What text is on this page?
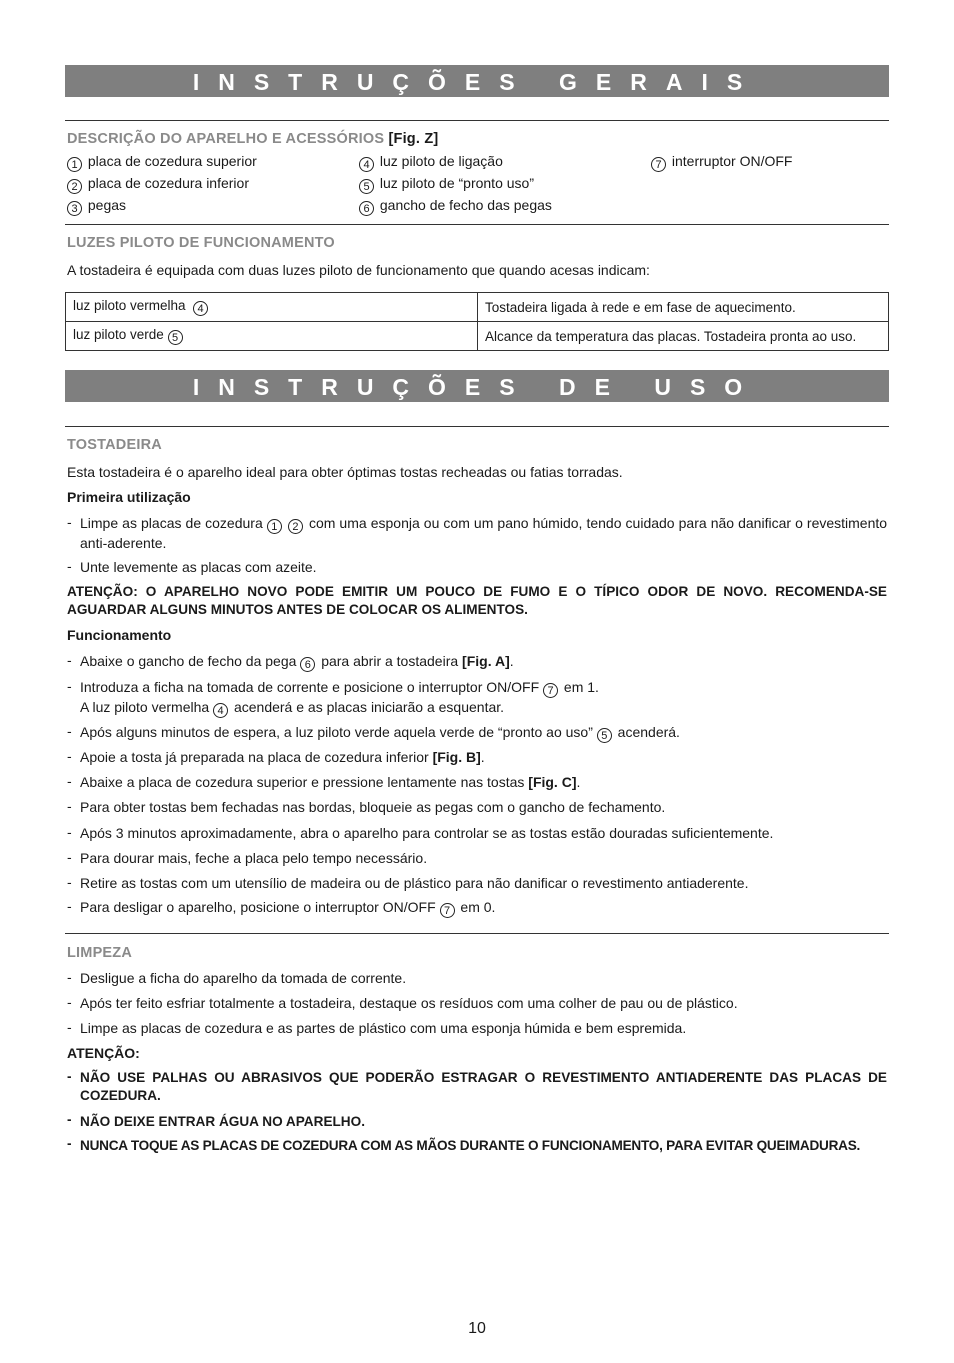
INSTRUÇÕES GERAIS
DESCRIÇÃO DO APARELHO E ACESSÓRIOS [Fig. Z]
1 placa de cozedura superior
2 placa de cozedura inferior
3 pegas
4 luz piloto de ligação
5 luz piloto de “pronto uso”
6 gancho de fecho das pegas
7 interruptor ON/OFF
LUZES PILOTO DE FUNCIONAMENTO
A tostadeira é equipada com duas luzes piloto de funcionamento que quando acesas indicam:
luz piloto vermelha 4	Tostadeira ligada à rede e em fase de aquecimento.
luz piloto verde 5	Alcance da temperatura das placas. Tostadeira pronta ao uso.
INSTRUÇÕES DE USO
TOSTADEIRA
Esta tostadeira é o aparelho ideal para obter óptimas tostas recheadas ou fatias torradas.
Primeira utilização
- Limpe as placas de cozedura 1 2 com uma esponja ou com um pano húmido, tendo cuidado para não danificar o revestimento anti-aderente.
- Unte levemente as placas com azeite.
ATENÇÃO: O APARELHO NOVO PODE EMITIR UM POUCO DE FUMO E O TÍPICO ODOR DE NOVO. RECOMENDA-SE AGUARDAR ALGUNS MINUTOS ANTES DE COLOCAR OS ALIMENTOS.
Funcionamento
- Abaixe o gancho de fecho da pega 6 para abrir a tostadeira [Fig. A].
- Introduza a ficha na tomada de corrente e posicione o interruptor ON/OFF 7 em 1.
A luz piloto vermelha 4 acenderá e as placas iniciarão a esquentar.
- Após alguns minutos de espera, a luz piloto verde aquela verde de “pronto ao uso” 5 acenderá.
- Apoie a tosta já preparada na placa de cozedura inferior [Fig. B].
- Abaixe a placa de cozedura superior e pressione lentamente nas tostas [Fig. C].
- Para obter tostas bem fechadas nas bordas, bloqueie as pegas com o gancho de fechamento.
- Após 3 minutos aproximadamente, abra o aparelho para controlar se as tostas estão douradas suficientemente.
- Para dourar mais, feche a placa pelo tempo necessário.
- Retire as tostas com um utensílio de madeira ou de plástico para não danificar o revestimento antiaderente.
- Para desligar o aparelho, posicione o interruptor ON/OFF 7 em 0.
LIMPEZA
- Desligue a ficha do aparelho da tomada de corrente.
- Após ter feito esfriar totalmente a tostadeira, destaque os resíduos com uma colher de pau ou de plástico.
- Limpe as placas de cozedura e as partes de plástico com uma esponja húmida e bem espremida.
ATENÇÃO:
- NÃO USE PALHAS OU ABRASIVOS QUE PODERÃO ESTRAGAR O REVESTIMENTO ANTIADERENTE DAS PLACAS DE COZEDURA.
- NÃO DEIXE ENTRAR ÁGUA NO APARELHO.
- NUNCA TOQUE AS PLACAS DE COZEDURA COM AS MÃOS DURANTE O FUNCIONAMENTO, PARA EVITAR QUEIMADURAS.
10
